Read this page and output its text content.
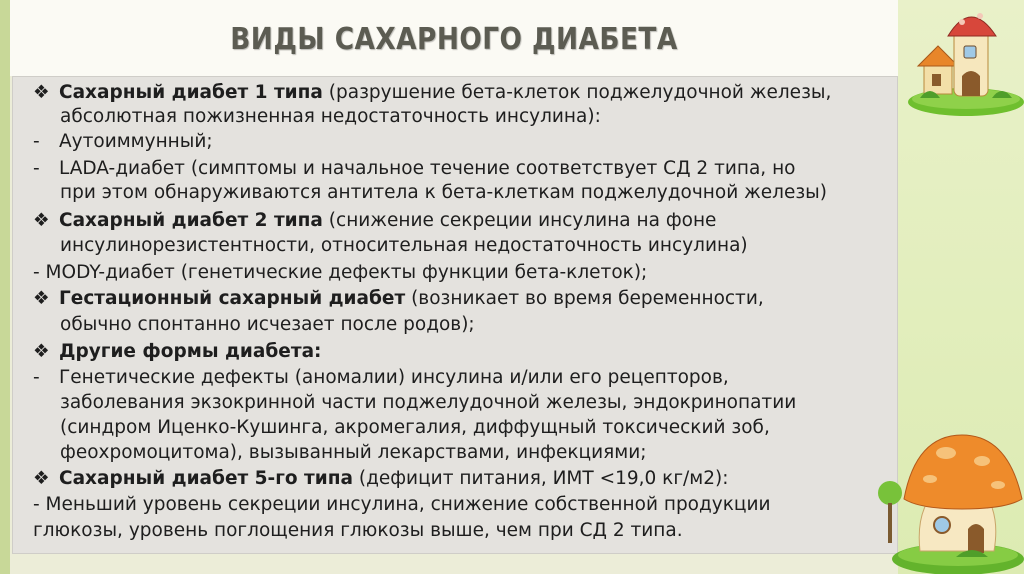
ВИДЫ САХАРНОГО ДИАБЕТА
❖ Сахарный диабет 1 типа (разрушение бета-клеток поджелудочной железы,
абсолютная пожизненная недостаточность инсулина):
- Аутоиммунный;
- LADA-диабет (симптомы и начальное течение соответствует СД 2 типа, но
при этом обнаруживаются антитела к бета-клеткам поджелудочной железы)
❖ Сахарный диабет 2 типа (снижение секреции инсулина на фоне
инсулинорезистентности, относительная недостаточность инсулина)
- MODY-диабет (генетические дефекты функции бета-клеток);
❖ Гестационный сахарный диабет (возникает во время беременности,
обычно спонтанно исчезает после родов);
❖ Другие формы диабета:
- Генетические дефекты (аномалии) инсулина и/или его рецепторов,
заболевания экзокринной части поджелудочной железы, эндокринопатии
(синдром Иценко-Кушинга, акромегалия, диффущный токсический зоб,
феохромоцитома), вызыванный лекарствами, инфекциями;
❖ Сахарный диабет 5-го типа (дефицит питания, ИМТ <19,0 кг/м2):
- Меньший уровень секреции инсулина, снижение собственной продукции
глюкозы, уровень поглощения глюкозы выше, чем при СД 2 типа.
